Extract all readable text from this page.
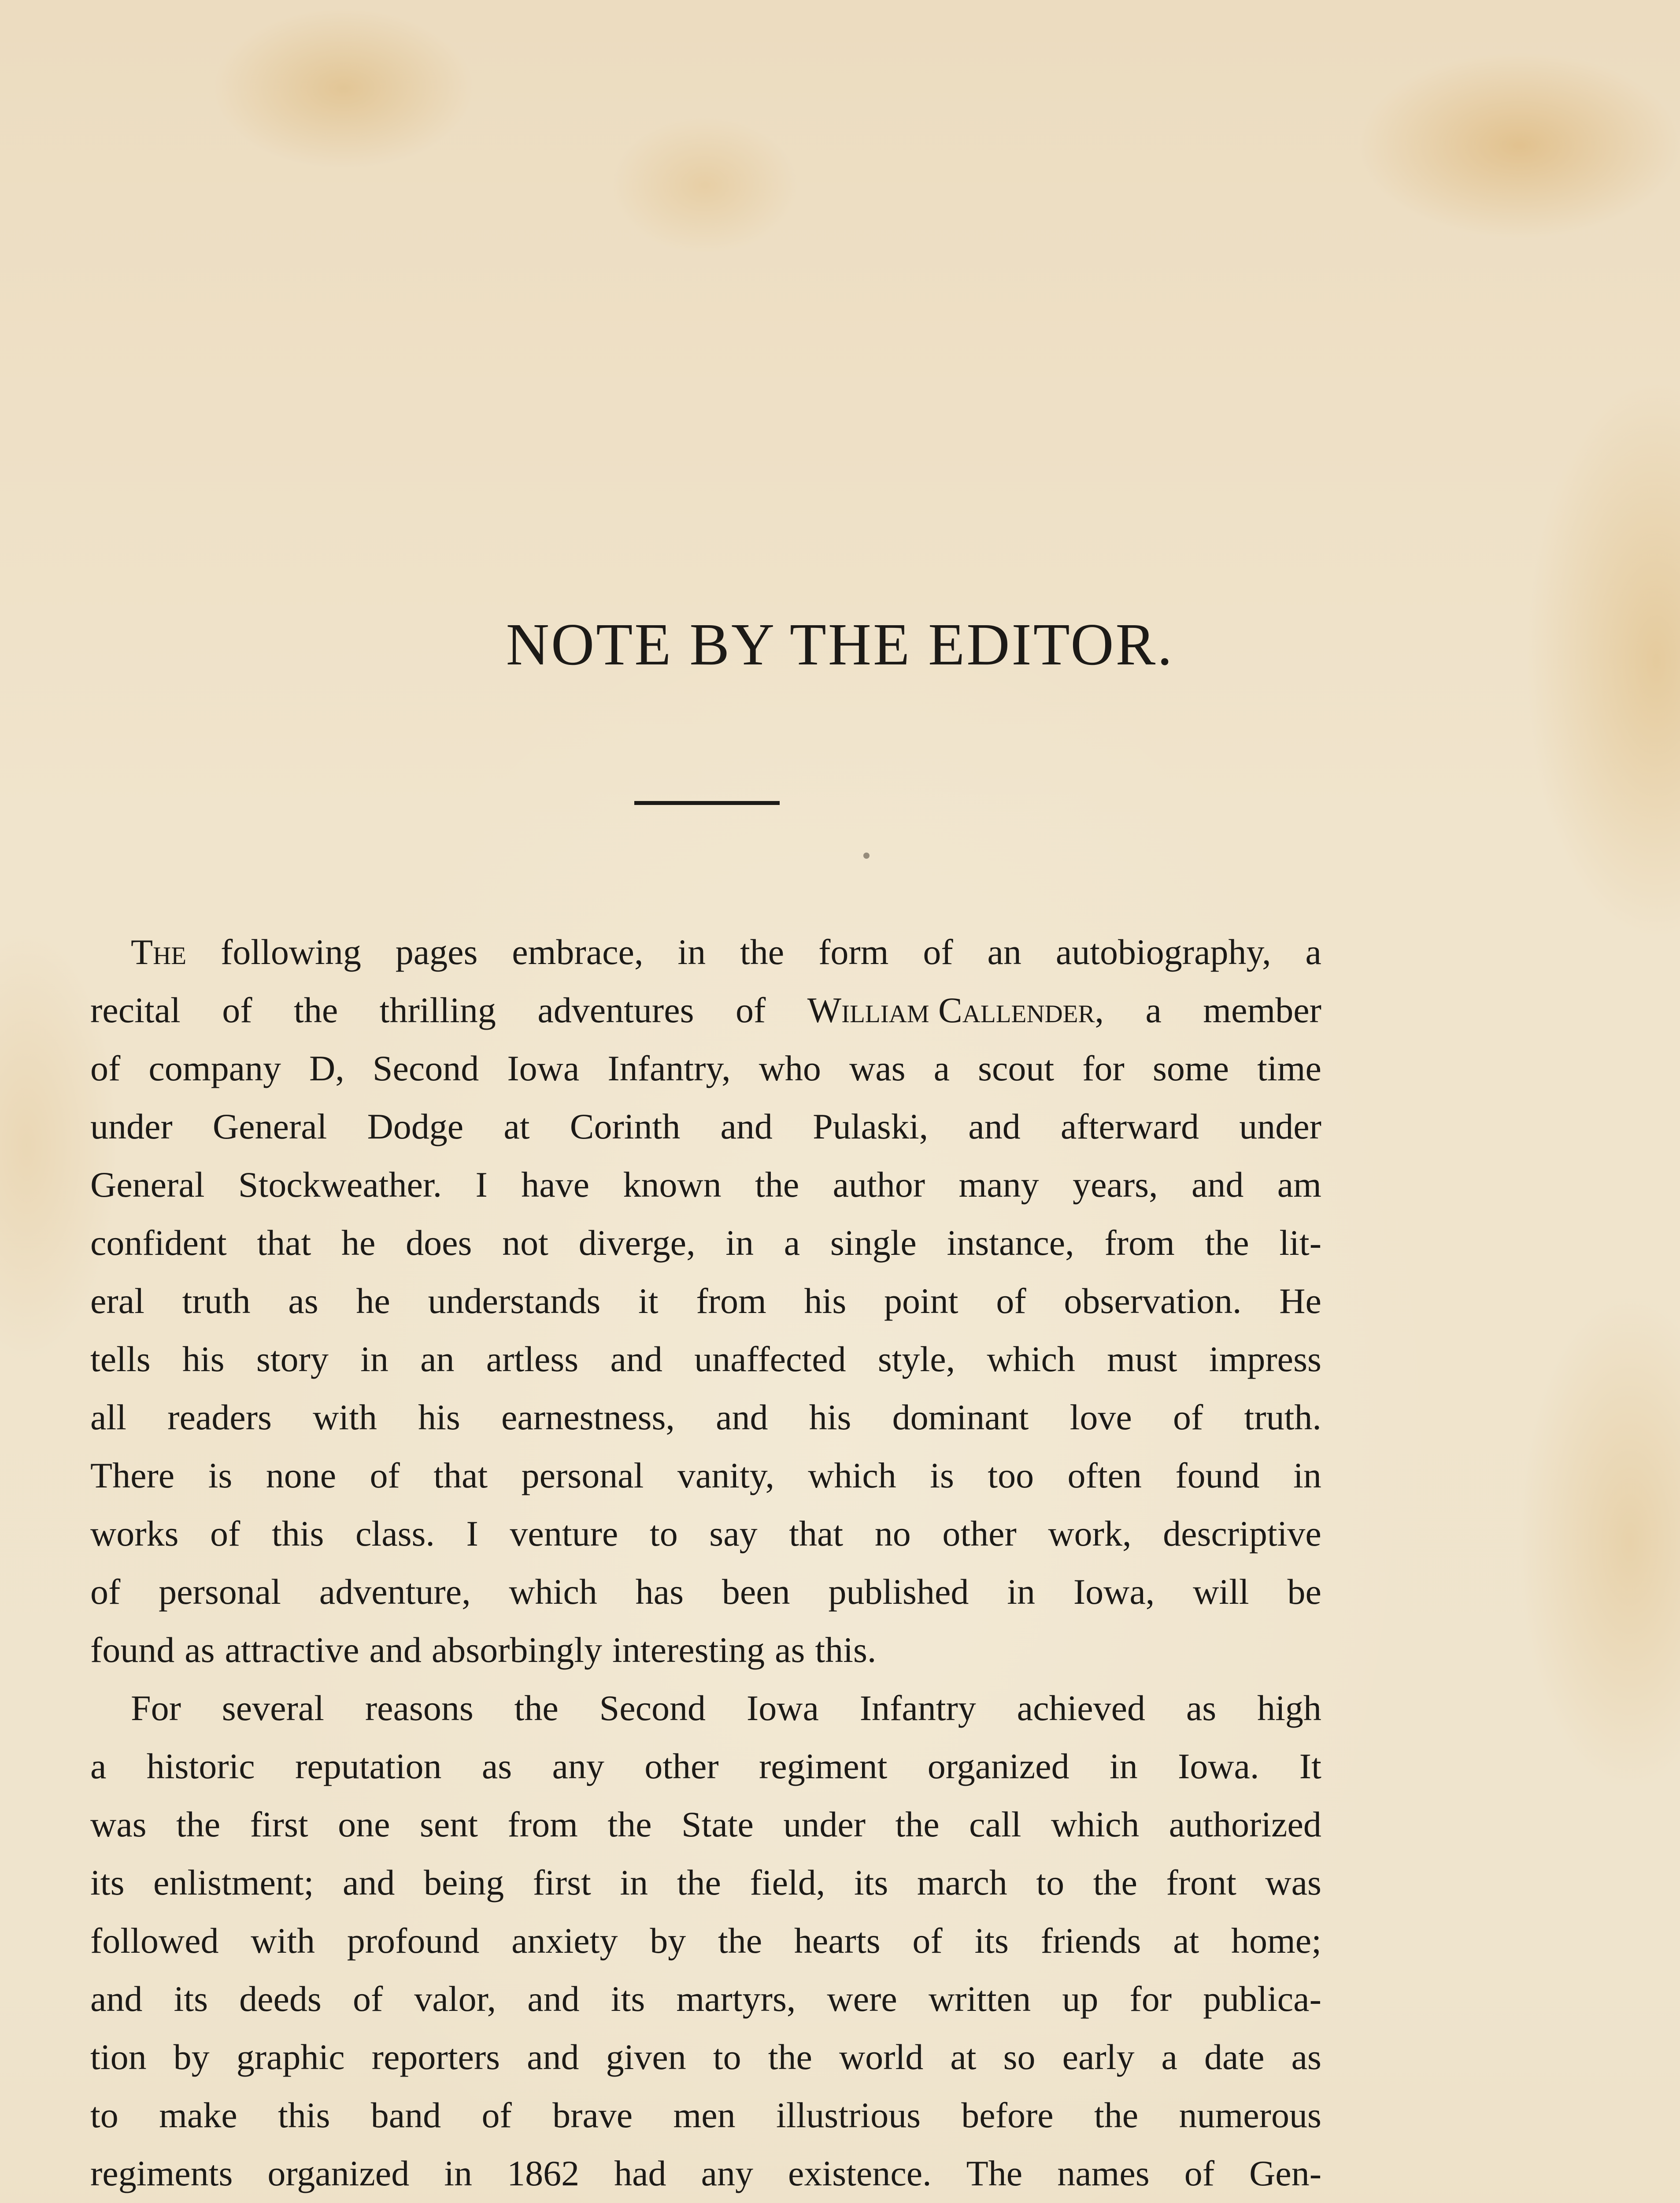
NOTE BY THE EDITOR.
The following pages embrace, in the form of an autobiography, a
recital of the thrilling adventures of William Callender, a member
of company D, Second Iowa Infantry, who was a scout for some time
under General Dodge at Corinth and Pulaski, and afterward under
General Stockweather. I have known the author many years, and am
confident that he does not diverge, in a single instance, from the lit-
eral truth as he understands it from his point of observation. He
tells his story in an artless and unaffected style, which must impress
all readers with his earnestness, and his dominant love of truth.
There is none of that personal vanity, which is too often found in
works of this class. I venture to say that no other work, descriptive
of personal adventure, which has been published in Iowa, will be
found as attractive and absorbingly interesting as this.
For several reasons the Second Iowa Infantry achieved as high
a historic reputation as any other regiment organized in Iowa. It
was the first one sent from the State under the call which authorized
its enlistment; and being first in the field, its march to the front was
followed with profound anxiety by the hearts of its friends at home;
and its deeds of valor, and its martyrs, were written up for publica-
tion by graphic reporters and given to the world at so early a date as
to make this band of brave men illustrious before the numerous
regiments organized in 1862 had any existence. The names of Gen-
